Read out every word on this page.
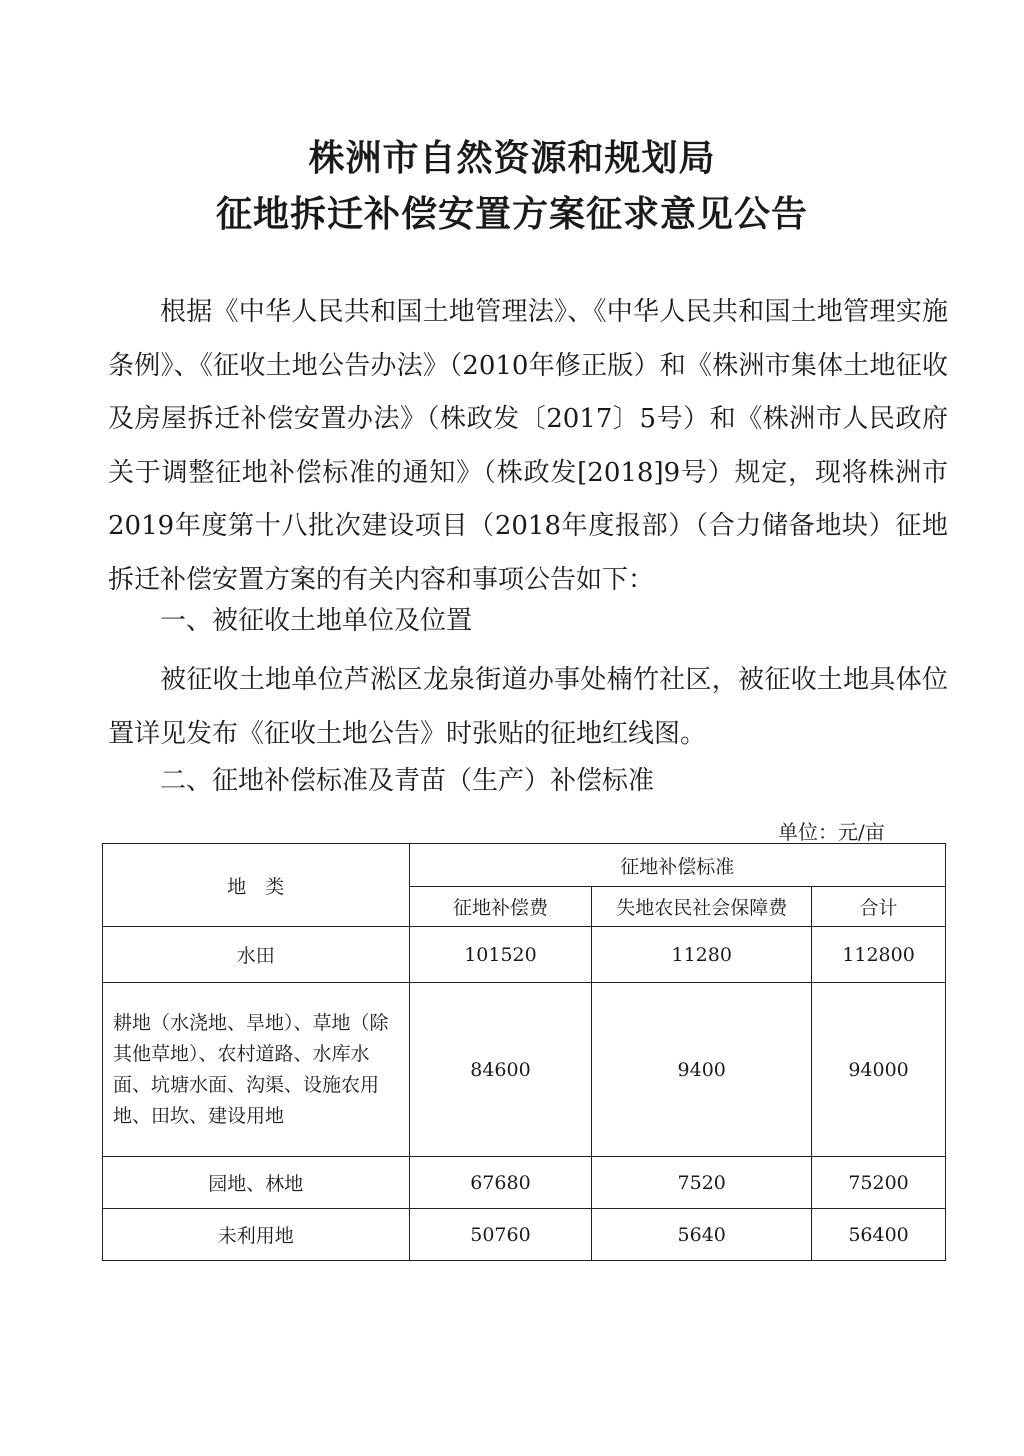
株洲市自然资源和规划局
征地拆迁补偿安置方案征求意见公告
根据《中华人民共和国土地管理法》、《中华人民共和国土地管理实施条例》、《征收土地公告办法》（2010年修正版）和《株洲市集体土地征收及房屋拆迁补偿安置办法》（株政发〔2017〕5号）和《株洲市人民政府关于调整征地补偿标准的通知》（株政发[2018]9号）规定，现将株洲市2019年度第十八批次建设项目（2018年度报部）（合力储备地块）征地拆迁补偿安置方案的有关内容和事项公告如下：
一、被征收土地单位及位置
被征收土地单位芦淞区龙泉街道办事处楠竹社区，被征收土地具体位置详见发布《征收土地公告》时张贴的征地红线图。
二、征地补偿标准及青苗（生产）补偿标准
单位：元/亩
地　类	征地补偿标准		
	征地补偿费	失地农民社会保障费	合计
水田	101520	11280	112800
耕地（水浇地、旱地）、草地（除其他草地）、农村道路、水库水面、坑塘水面、沟渠、设施农用地、田坎、建设用地	84600	9400	94000
园地、林地	67680	7520	75200
未利用地	50760	5640	56400
